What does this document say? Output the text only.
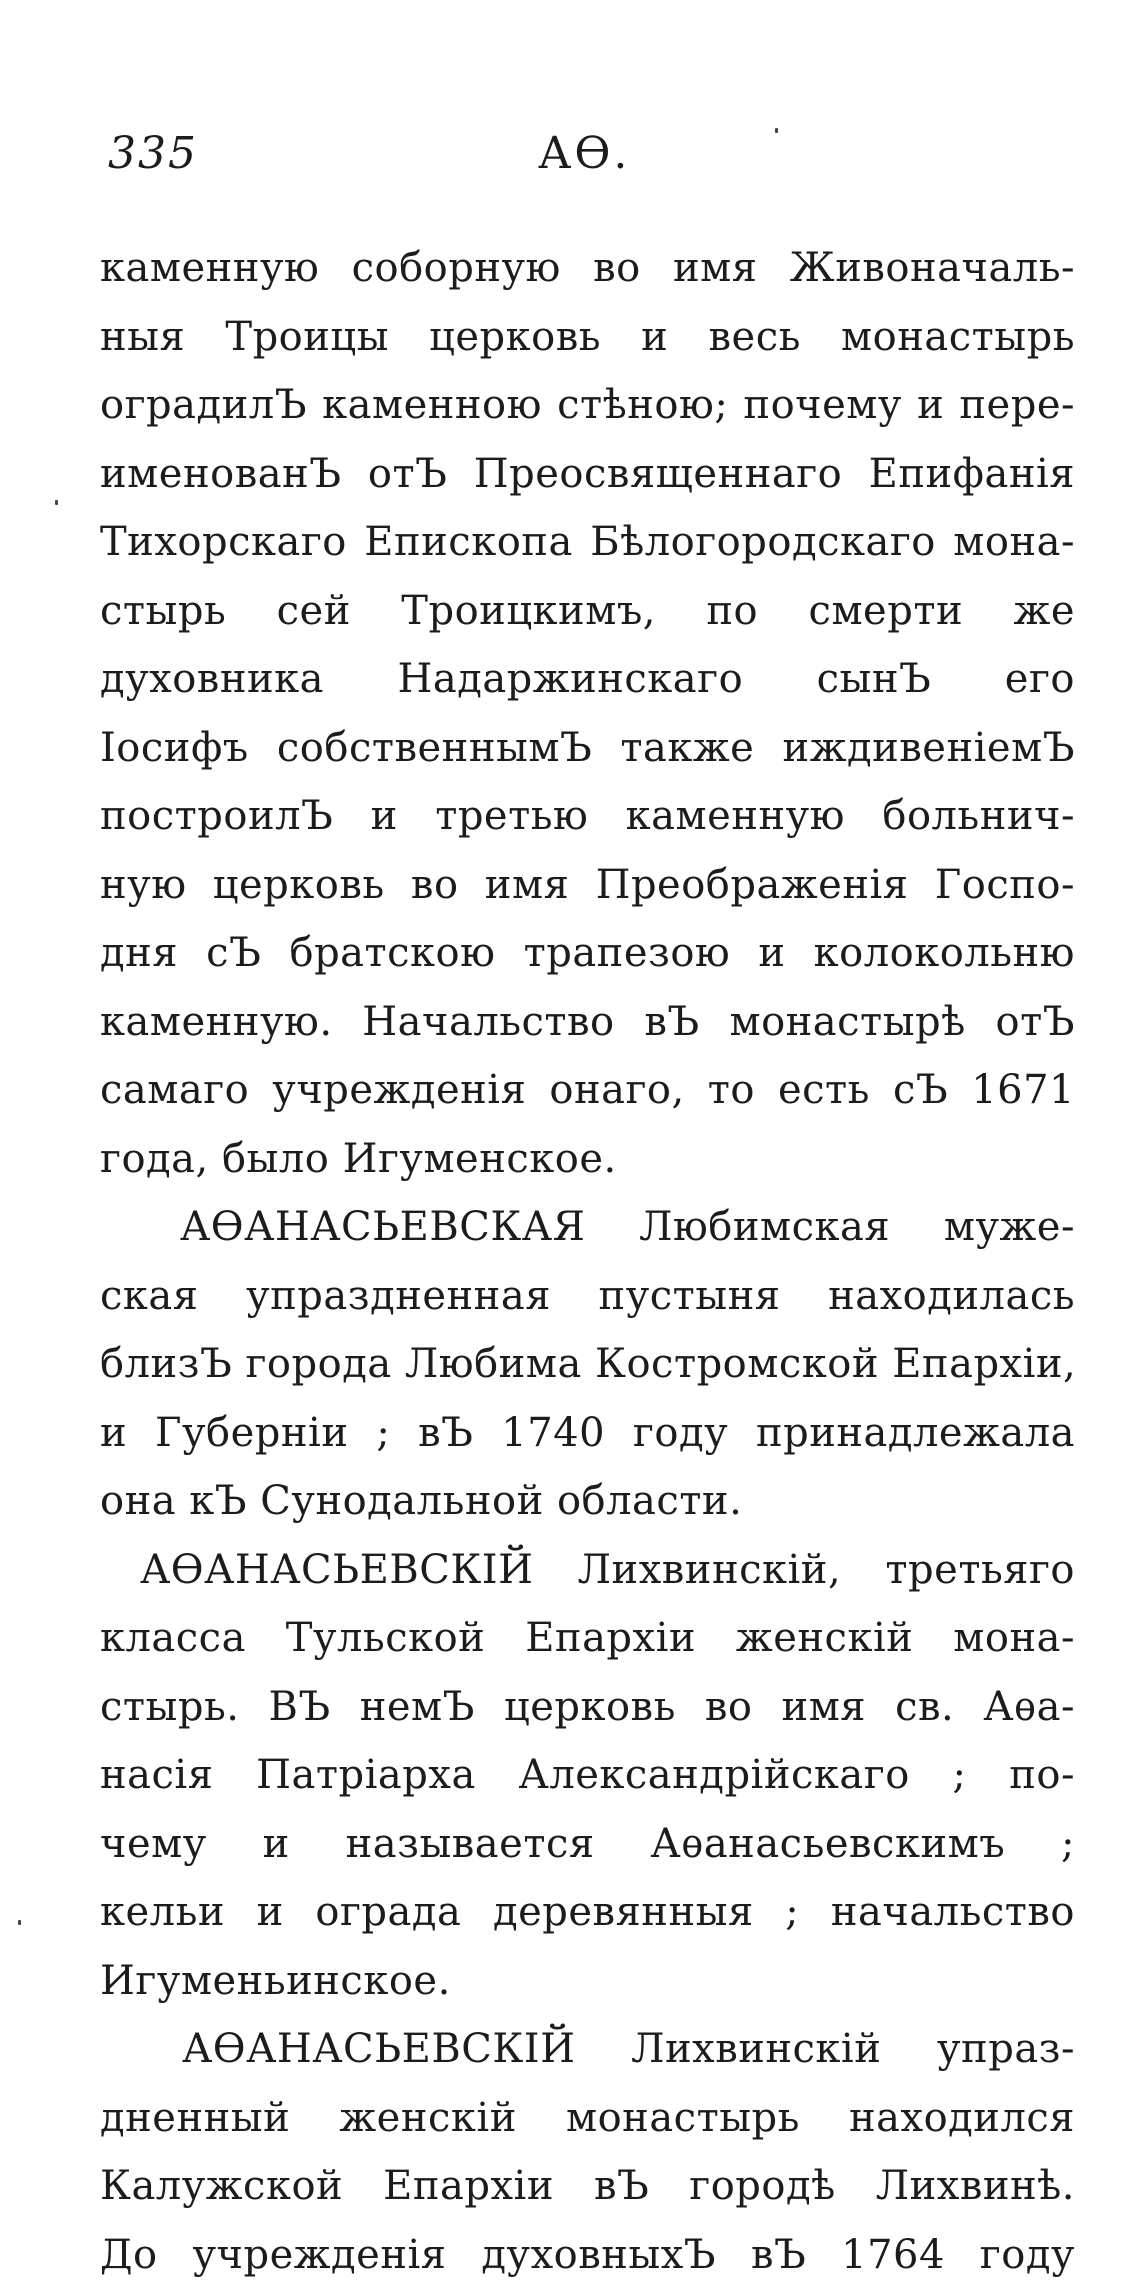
335	АѲ.
каменную соборную во имя Живоначаль-
ныя Троицы церковь и весь монастырь
оградилЪ каменною стѣною; почему и пере-
именованЪ отЪ Преосвященнаго Епифанія
Тихорскаго Епископа Бѣлогородскаго мона-
стырь сей Троицкимъ, по смерти же
духовника Надаржинскаго сынЪ его
Іосифъ собственнымЪ также иждивеніемЪ
построилЪ и третью каменную больнич-
ную церковь во имя Преображенія Госпо-
дня сЪ братскою трапезою и колокольню
каменную. Начальство вЪ монастырѣ отЪ
самаго учрежденія онаго, то есть сЪ 1671
года, было Игуменское.
АѲАНАСЬЕВСКАЯ Любимская муже-
ская упраздненная пустыня находилась
близЪ города Любима Костромской Епархіи,
и Губерніи ; вЪ 1740 году принадлежала
она кЪ Сунодальной области.
АѲАНАСЬЕВСКІЙ Лихвинскій, третьяго
класса Тульской Епархіи женскій мона-
стырь. ВЪ немЪ церковь во имя св. Аѳа-
насія Патріарха Александрійскаго ; по-
чему и называется Аѳанасьевскимъ ;
кельи и ограда деревянныя ; начальство
Игуменьинское.
АѲАНАСЬЕВСКІЙ Лихвинскій упраз-
дненный женскій монастырь находился
Калужской Епархіи вЪ городѣ Лихвинѣ.
До учрежденія духовныхЪ вЪ 1764 году
